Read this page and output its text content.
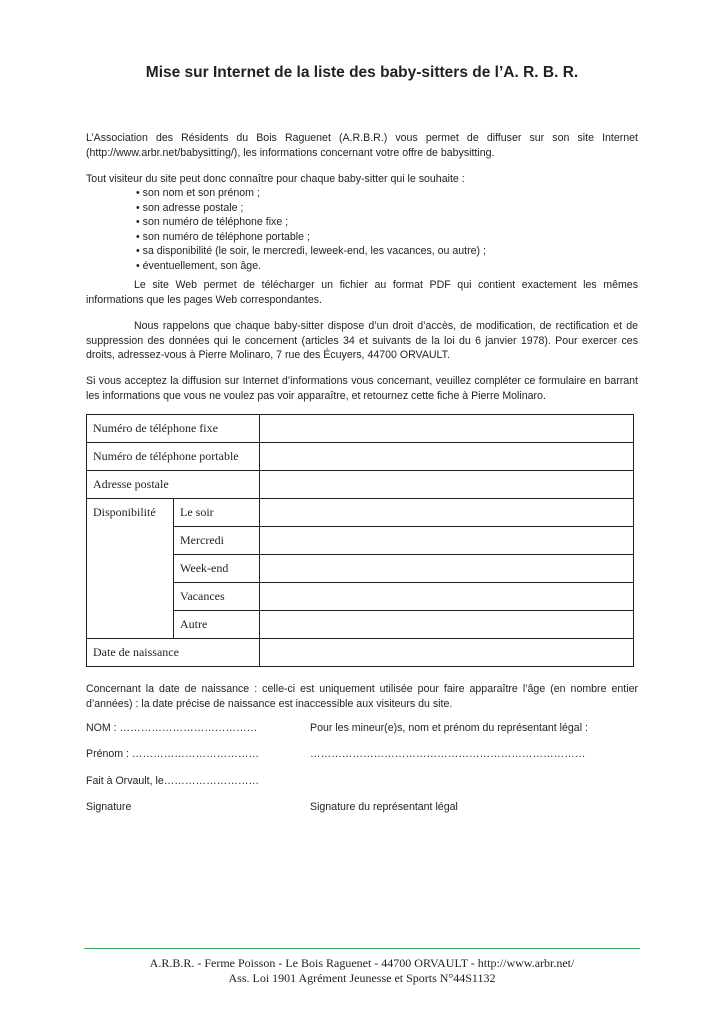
Mise sur Internet de la liste des baby-sitters de l’A. R. B. R.

L’Association des Résidents du Bois Raguenet (A.R.B.R.) vous permet de diffuser sur son site Internet (http://www.arbr.net/babysitting/), les informations concernant votre offre de babysitting.

Tout visiteur du site peut donc connaître pour chaque baby-sitter qui le souhaite :

• son nom et son prénom ;
• son adresse postale ;
• son numéro de téléphone fixe ;
• son numéro de téléphone portable ;
• sa disponibilité (le soir, le mercredi, leweek-end, les vacances, ou autre) ;
• éventuellement, son âge.

Le site Web permet de télécharger un fichier au format PDF qui contient exactement les mêmes informations que les pages Web correspondantes.

Nous rappelons que chaque baby-sitter dispose d’un droit d’accès, de modification, de rectification et de suppression des données qui le concernent (articles 34 et suivants de la loi du 6 janvier 1978). Pour exercer ces droits, adressez-vous à Pierre Molinaro, 7 rue des Écuyers, 44700 ORVAULT.

Si vous acceptez la diffusion sur Internet d’informations vous concernant, veuillez compléter ce formulaire en barrant les informations que vous ne voulez pas voir apparaître, et retournez cette fiche à Pierre Molinaro.

Numéro de téléphone fixe		
Numéro de téléphone portable		
Adresse postale		
Disponibilité	Le soir	
	Mercredi	
	Week-end	
	Vacances	
	Autre	
Date de naissance		

Concernant la date de naissance : celle-ci est uniquement utilisée pour faire apparaître l’âge (en nombre entier d’années) : la date précise de naissance est inaccessible aux visiteurs du site.

NOM : …………………………………	Pour les mineur(e)s, nom et prénom du représentant légal :
Prénom : ………………………………	……………………………………………………………………
Fait à Orvault, le………………………
Signature	Signature du représentant légal
A.R.B.R. - Ferme Poisson - Le Bois Raguenet - 44700 ORVAULT - http://www.arbr.net/
Ass. Loi 1901 Agrément Jeunesse et Sports N°44S1132
